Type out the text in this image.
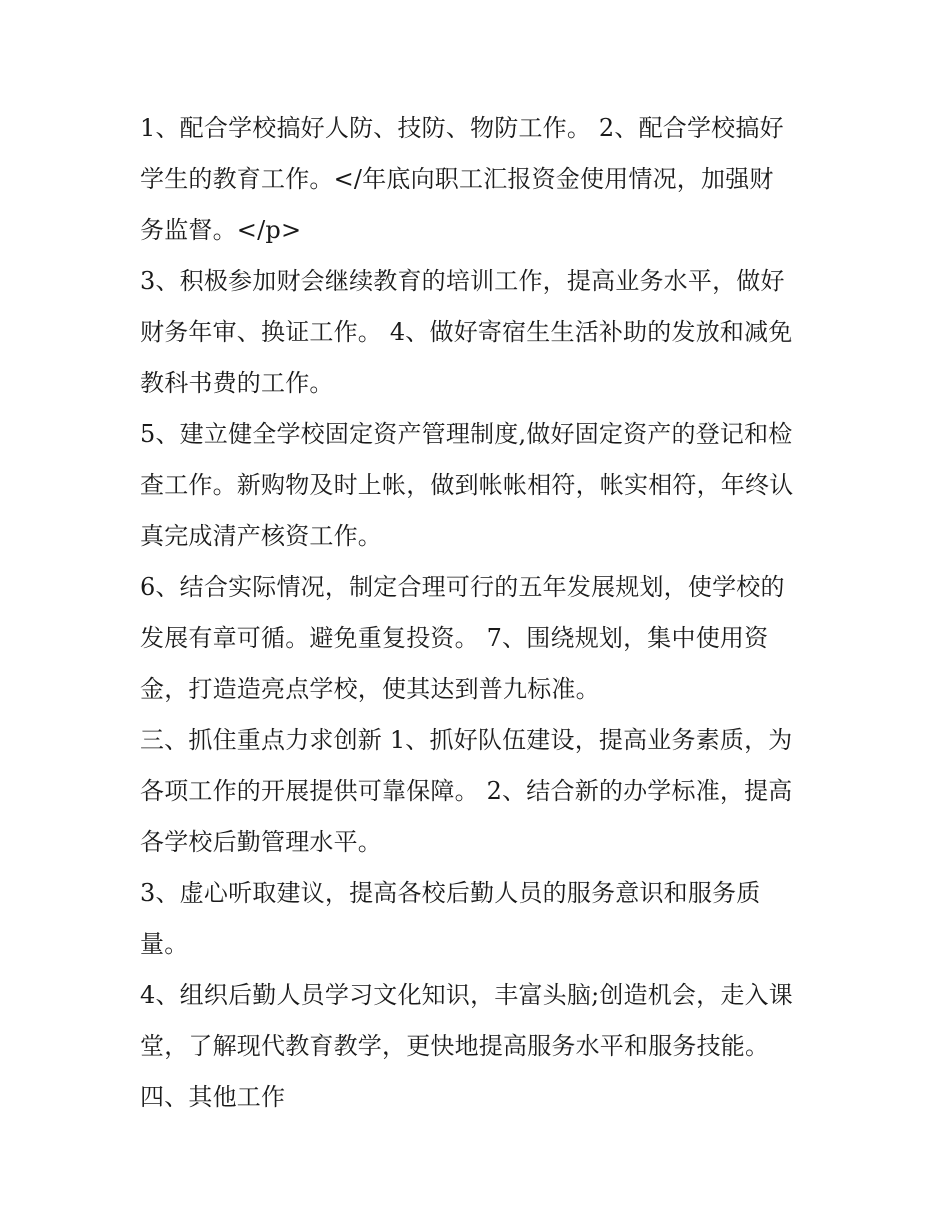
1、配合学校搞好人防、技防、物防工作。 2、配合学校搞好
学生的教育工作。</年底向职工汇报资金使用情况，加强财
务监督。</p>

3、积极参加财会继续教育的培训工作，提高业务水平，做好
财务年审、换证工作。 4、做好寄宿生生活补助的发放和减免
教科书费的工作。

5、建立健全学校固定资产管理制度,做好固定资产的登记和检
查工作。新购物及时上帐，做到帐帐相符，帐实相符，年终认
真完成清产核资工作。

6、结合实际情况，制定合理可行的五年发展规划，使学校的
发展有章可循。避免重复投资。 7、围绕规划，集中使用资
金，打造造亮点学校，使其达到普九标准。

三、抓住重点力求创新 1、抓好队伍建设，提高业务素质，为
各项工作的开展提供可靠保障。 2、结合新的办学标准，提高
各学校后勤管理水平。

3、虚心听取建议，提高各校后勤人员的服务意识和服务质
量。

4、组织后勤人员学习文化知识，丰富头脑;创造机会，走入课
堂，了解现代教育教学，更快地提高服务水平和服务技能。

四、其他工作
